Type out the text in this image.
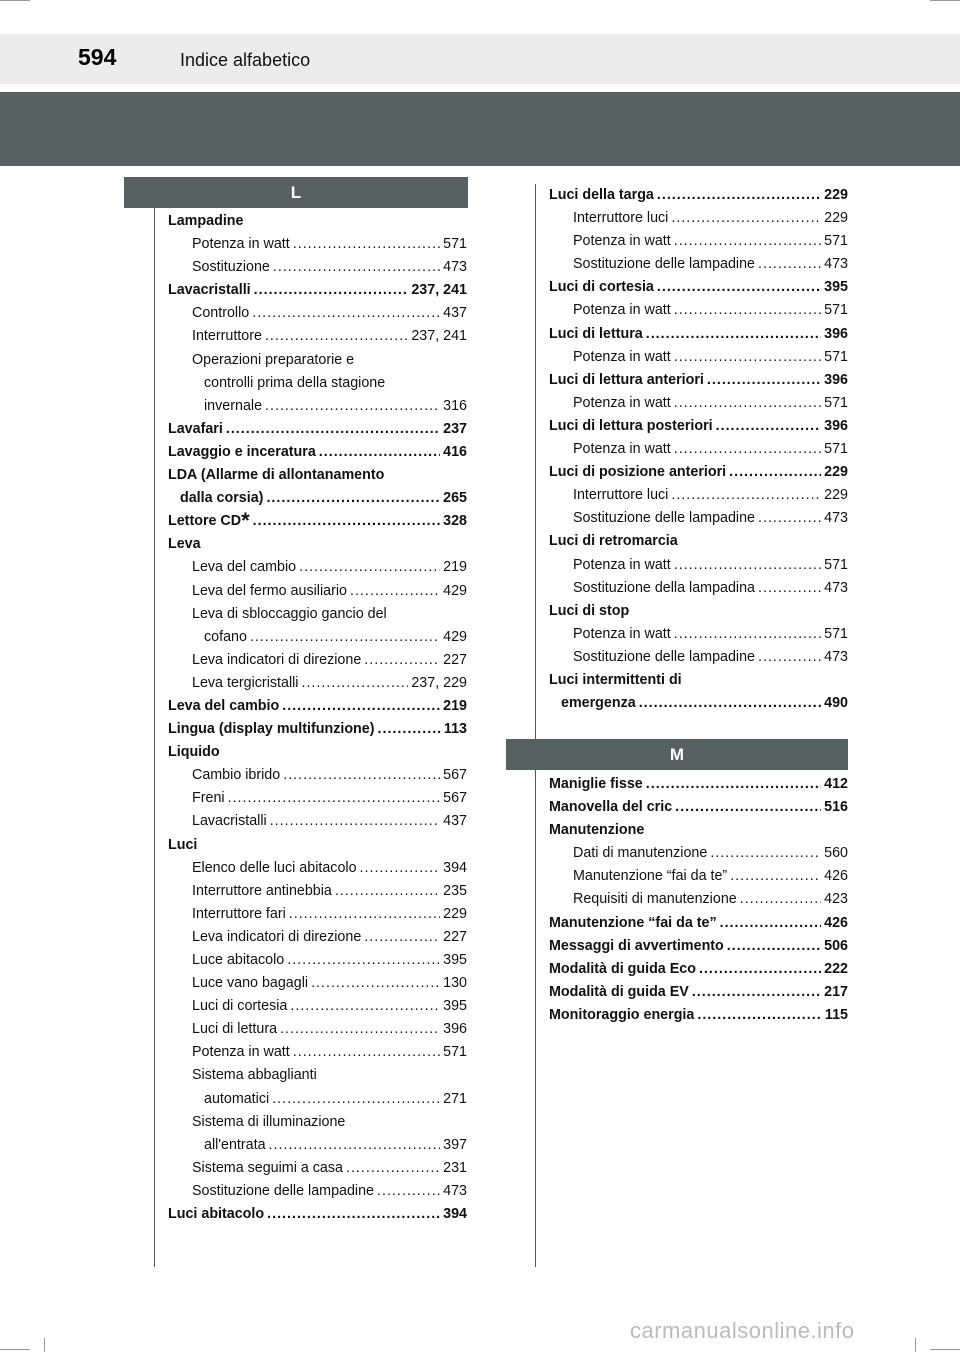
594	Indice alfabetico
L
M
Lampadine
Potenza in watt .....	571
Sostituzione .....	473
Lavacristalli .....	237, 241
Controllo .....	437
Interruttore .....	237, 241
Operazioni preparatorie e
controlli prima della stagione
invernale .....	316
Lavafari .....	237
Lavaggio e inceratura .....	416
LDA (Allarme di allontanamento
dalla corsia) .....	265
Lettore CD * .....	328
Leva
Leva del cambio .....	219
Leva del fermo ausiliario .....	429
Leva di sbloccaggio gancio del
cofano .....	429
Leva indicatori di direzione .....	227
Leva tergicristalli .....	237, 229
Leva del cambio .....	219
Lingua (display multifunzione) .....	113
Liquido
Cambio ibrido .....	567
Freni .....	567
Lavacristalli .....	437
Luci
Elenco delle luci abitacolo .....	394
Interruttore antinebbia .....	235
Interruttore fari .....	229
Leva indicatori di direzione .....	227
Luce abitacolo .....	395
Luce vano bagagli .....	130
Luci di cortesia .....	395
Luci di lettura .....	396
Potenza in watt .....	571
Sistema abbaglianti
automatici .....	271
Sistema di illuminazione
all'entrata .....	397
Sistema seguimi a casa .....	231
Sostituzione delle lampadine .....	473
Luci abitacolo .....	394
Luci della targa .....	229
Interruttore luci .....	229
Potenza in watt .....	571
Sostituzione delle lampadine .....	473
Luci di cortesia .....	395
Potenza in watt .....	571
Luci di lettura .....	396
Potenza in watt .....	571
Luci di lettura anteriori .....	396
Potenza in watt .....	571
Luci di lettura posteriori .....	396
Potenza in watt .....	571
Luci di posizione anteriori .....	229
Interruttore luci .....	229
Sostituzione delle lampadine .....	473
Luci di retromarcia
Potenza in watt .....	571
Sostituzione della lampadina .....	473
Luci di stop
Potenza in watt .....	571
Sostituzione delle lampadine .....	473
Luci intermittenti di
emergenza .....	490
Maniglie fisse .....	412
Manovella del cric .....	516
Manutenzione
Dati di manutenzione .....	560
Manutenzione “fai da te” .....	426
Requisiti di manutenzione .....	423
Manutenzione “fai da te” .....	426
Messaggi di avvertimento .....	506
Modalità di guida Eco .....	222
Modalità di guida EV .....	217
Monitoraggio energia .....	115
carmanualsonline.info
